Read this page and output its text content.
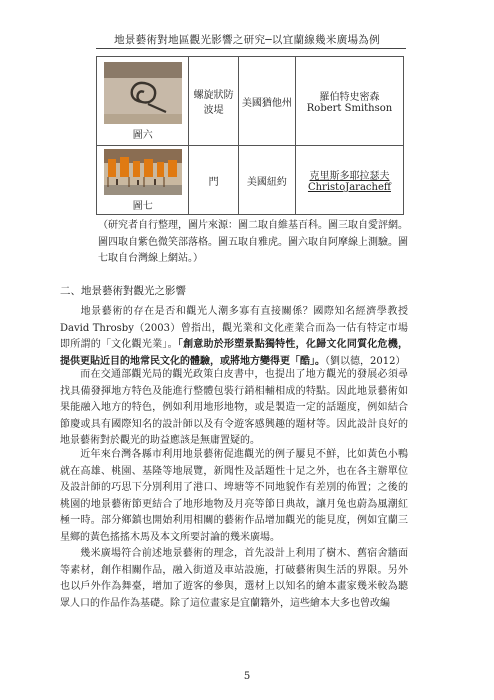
地景藝術對地區觀光影響之研究─以宜蘭線幾米廣場為例
圖六	螺旋狀防波堤	美國猶他州	羅伯特史密森
Robert Smithson

圖七	門	美國紐約	克里斯多耶拉瑟夫
ChristoJaracheff
（研究者自行整理，圖片來源：圖二取自維基百科。圖三取自愛評網。圖四取自紫色微笑部落格。圖五取自雅虎。圖六取自阿摩線上測驗。圖七取自台灣線上網站。）
二、地景藝術對觀光之影響

地景藝術的存在是否和觀光人潮多寡有直接關係？國際知名經濟學教授 David Throsby（2003）曾指出，觀光業和文化產業合而為一估有特定市場即所謂的「文化觀光業」。「創意助於形塑景點獨特性，化歸文化同質化危機，提供更貼近目的地常民文化的體驗，或將地方變得更「酷」。（劉以德，2012）

而在交通部觀光局的觀光政策白皮書中，也提出了地方觀光的發展必須尋找具備發揮地方特色及能進行整體包裝行銷相輔相成的特點。因此地景藝術如果能融入地方的特色，例如利用地形地物，或是製造一定的話題度，例如結合節慶或具有國際知名的設計師以及有令遊客感興趣的題材等。因此設計良好的地景藝術對於觀光的助益應該是無庸置疑的。

近年來台灣各縣市利用地景藝術促進觀光的例子屢見不鮮，比如黃色小鴨就在高雄、桃園、基隆等地展覽，新聞性及話題性十足之外，也在各主辦單位及設計師的巧思下分別利用了港口、埤塘等不同地貌作有差別的佈置；之後的桃園的地景藝術節更結合了地形地物及月亮等節日典故，讓月兔也蔚為風潮紅極一時。部分鄉鎮也開始利用相關的藝術作品增加觀光的能見度，例如宜蘭三星鄉的黃色搖搖木馬及本文所要討論的幾米廣場。

幾米廣場符合前述地景藝術的理念，首先設計上利用了樹木、舊宿舍牆面等素材，創作相關作品，融入街道及車站設施，打破藝術與生活的界限。另外也以戶外作為舞臺，增加了遊客的參與，選材上以知名的繪本畫家幾米較為聽眾人口的作品作為基礎。除了這位畫家是宜蘭籍外，這些繪本大多也曾改編

5
